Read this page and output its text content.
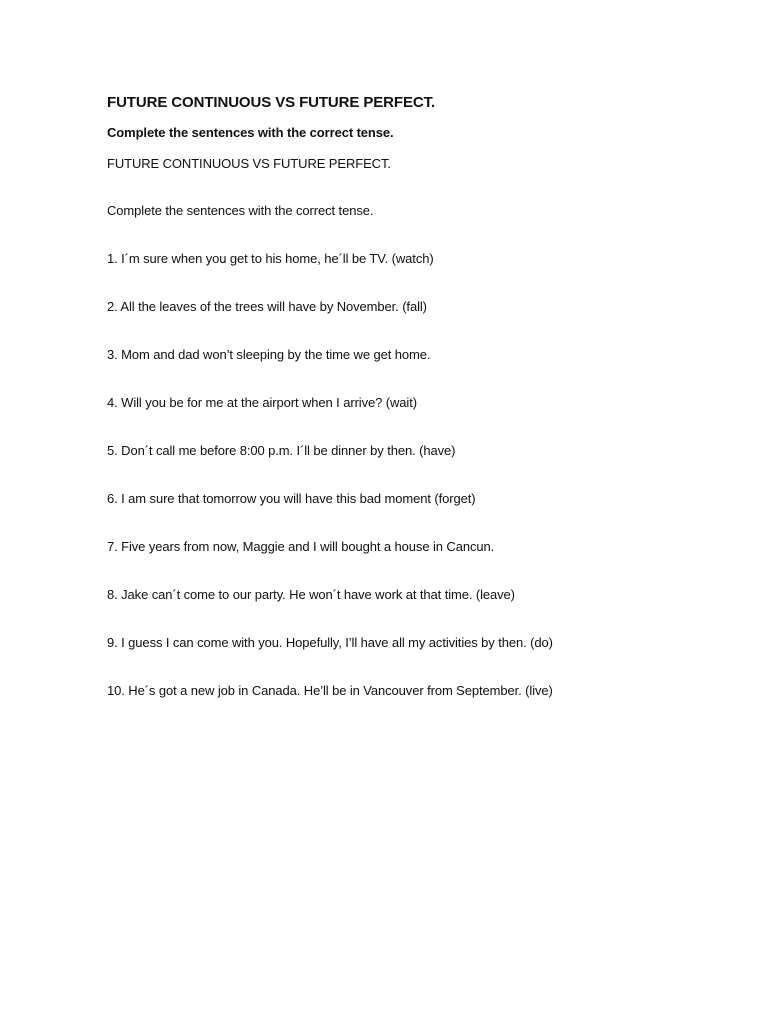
FUTURE CONTINUOUS VS FUTURE PERFECT.

Complete the sentences with the correct tense.

FUTURE CONTINUOUS VS FUTURE PERFECT.

Complete the sentences with the correct tense.

1. I´m sure when you get to his home, he´ll be TV. (watch)
2. All the leaves of the trees will have by November. (fall)
3. Mom and dad won’t sleeping by the time we get home.
4. Will you be for me at the airport when I arrive? (wait)
5. Don´t call me before 8:00 p.m. I´ll be dinner by then. (have)
6. I am sure that tomorrow you will have this bad moment (forget)
7. Five years from now, Maggie and I will bought a house in Cancun.
8. Jake can´t come to our party. He won´t have work at that time. (leave)
9. I guess I can come with you. Hopefully, I’ll have all my activities by then. (do)
10. He´s got a new job in Canada. He’ll be in Vancouver from September. (live)
